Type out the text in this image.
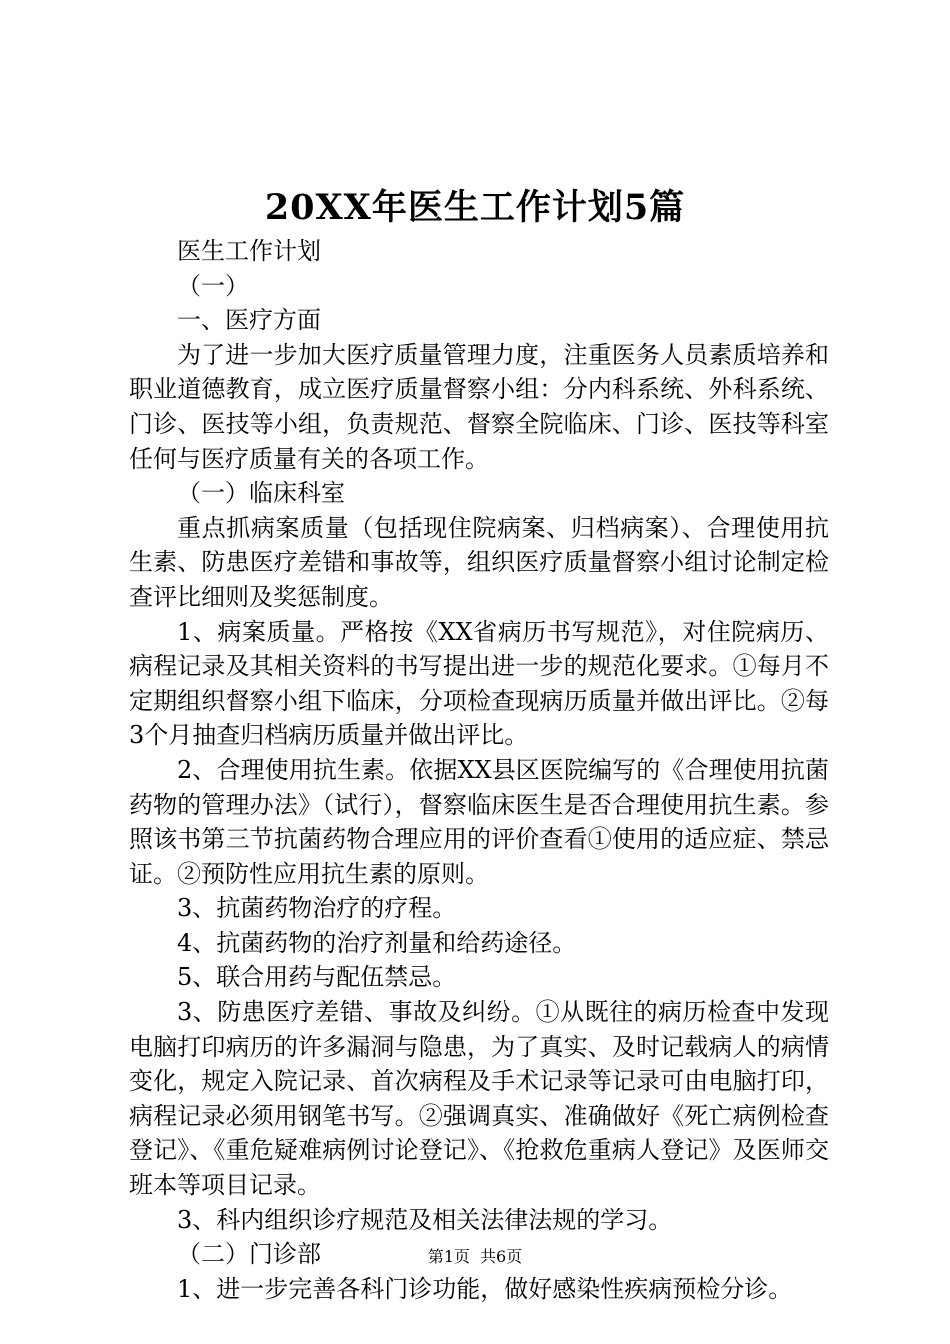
20XX年医生工作计划5篇

医生工作计划

（一）

一、医疗方面

为了进一步加大医疗质量管理力度，注重医务人员素质培养和职业道德教育，成立医疗质量督察小组：分内科系统、外科系统、门诊、医技等小组，负责规范、督察全院临床、门诊、医技等科室任何与医疗质量有关的各项工作。

（一）临床科室

重点抓病案质量（包括现住院病案、归档病案）、合理使用抗生素、防患医疗差错和事故等，组织医疗质量督察小组讨论制定检查评比细则及奖惩制度。

1、病案质量。严格按《XX省病历书写规范》，对住院病历、病程记录及其相关资料的书写提出进一步的规范化要求。①每月不定期组织督察小组下临床，分项检查现病历质量并做出评比。②每3个月抽查归档病历质量并做出评比。

2、合理使用抗生素。依据XX县区医院编写的《合理使用抗菌药物的管理办法》（试行），督察临床医生是否合理使用抗生素。参照该书第三节抗菌药物合理应用的评价查看①使用的适应症、禁忌证。②预防性应用抗生素的原则。

3、抗菌药物治疗的疗程。

4、抗菌药物的治疗剂量和给药途径。

5、联合用药与配伍禁忌。

3、防患医疗差错、事故及纠纷。①从既往的病历检查中发现电脑打印病历的许多漏洞与隐患，为了真实、及时记载病人的病情变化，规定入院记录、首次病程及手术记录等记录可由电脑打印，病程记录必须用钢笔书写。②强调真实、准确做好《死亡病例检查登记》、《重危疑难病例讨论登记》、《抢救危重病人登记》及医师交班本等项目记录。

3、科内组织诊疗规范及相关法律法规的学习。

（二）门诊部

1、进一步完善各科门诊功能，做好感染性疾病预检分诊。

第1页 共6页
